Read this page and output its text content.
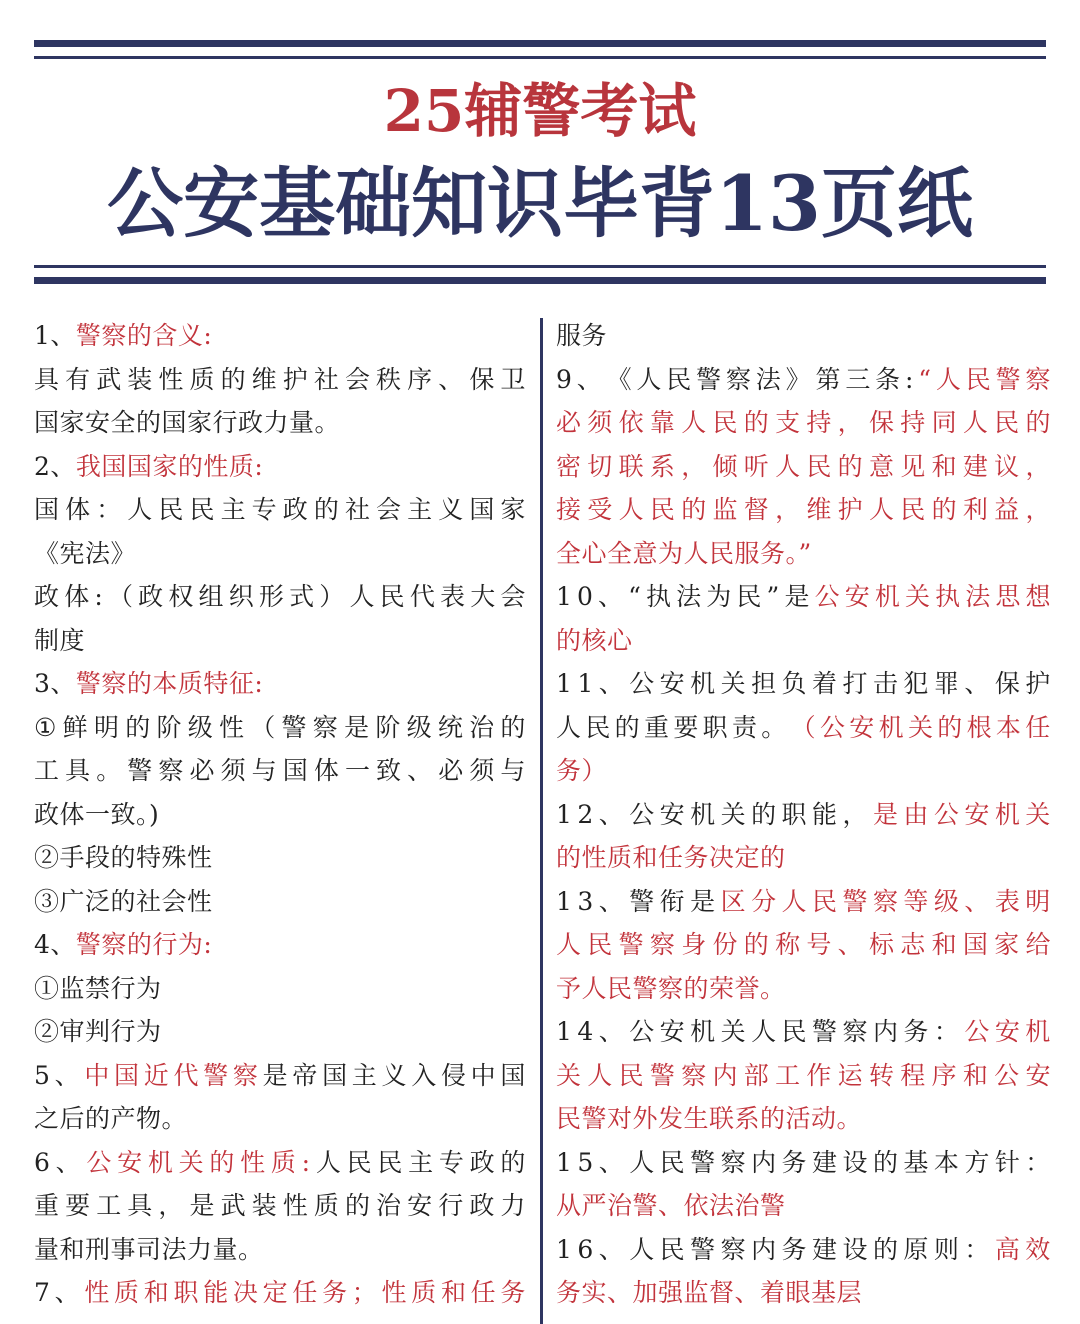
25辅警考试
公安基础知识毕背13页纸
1、 警察的含义:
具 有 武 装 性 质 的 维 护 社 会 秩 序 、 保 卫
国家安全的国家行政力量。
2、 我国国家的性质:
国 体 ： 人 民 民 主 专 政 的 社 会 主 义 国 家
《宪法》
政 体 : （ 政 权 组 织 形 式 ） 人 民 代 表 大 会
制度
3、 警察的本质特征:
① 鲜 明 的 阶 级 性 （ 警 察 是 阶 级 统 治 的
工 具 。 警 察 必 须 与 国 体 一 致 、 必 须 与
政体一致。)
②手段的特殊性
③广泛的社会性
4、 警察的行为:
①监禁行为
②审判行为
5 、 中 国 近 代 警 察 是 帝 国 主 义 入 侵 中 国
之后的产物。
6 、 公 安 机 关 的 性 质 : 人 民 民 主 专 政 的
重 要 工 具 ， 是 武 装 性 质 的 治 安 行 政 力
量和刑事司法力量。
7 、 性 质 和 职 能 决 定 任 务 ； 性 质 和 任 务
服务
9 、 《 人 民 警 察 法 》 第 三 条 : “ 人 民 警 察
必 须 依 靠 人 民 的 支 持 ， 保 持 同 人 民 的
密 切 联 系 ， 倾 听 人 民 的 意 见 和 建 议 ，
接 受 人 民 的 监 督 ， 维 护 人 民 的 利 益 ，
全心全意为人民服务。”
1 0 、 “ 执 法 为 民 ” 是 公 安 机 关 执 法 思 想
的核心
1 1 、 公 安 机 关 担 负 着 打 击 犯 罪 、 保 护
人 民 的 重 要 职 责 。 （ 公 安 机 关 的 根 本 任
务）
1 2 、 公 安 机 关 的 职 能 ， 是 由 公 安 机 关
的性质和任务决定的
1 3 、 警 衔 是 区 分 人 民 警 察 等 级 、 表 明
人 民 警 察 身 份 的 称 号 、 标 志 和 国 家 给
予人民警察的荣誉。
1 4 、 公 安 机 关 人 民 警 察 内 务 ： 公 安 机
关 人 民 警 察 内 部 工 作 运 转 程 序 和 公 安
民警对外发生联系的活动。
1 5 、 人 民 警 察 内 务 建 设 的 基 本 方 针 ：
从严治警、依法治警
1 6 、 人 民 警 察 内 务 建 设 的 原 则 ： 高 效
务实、加强监督、着眼基层
